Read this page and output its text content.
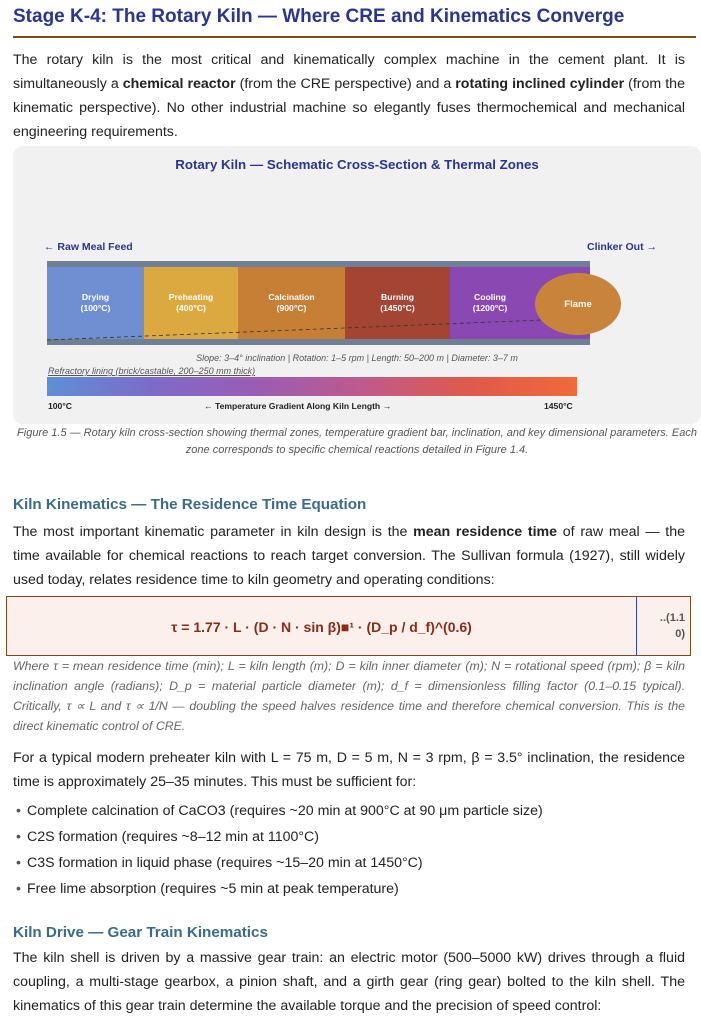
Stage K-4: The Rotary Kiln — Where CRE and Kinematics Converge

The rotary kiln is the most critical and kinematically complex machine in the cement plant. It is simultaneously a chemical reactor (from the CRE perspective) and a rotating inclined cylinder (from the kinematic perspective). No other industrial machine so elegantly fuses thermochemical and mechanical engineering requirements.

Rotary Kiln — Schematic Cross-Section & Thermal Zones
← Raw Meal Feed	Clinker Out →
Drying
(100°C)
Preheating
(400°C)
Calcination
(900°C)
Burning
(1450°C)
Cooling
(1200°C)	Flame
Slope: 3–4° inclination | Rotation: 1–5 rpm | Length: 50–200 m | Diameter: 3–7 m
Refractory lining (brick/castable, 200–250 mm thick)
100°C	← Temperature Gradient Along Kiln Length →	1450°C
Figure 1.5 — Rotary kiln cross-section showing thermal zones, temperature gradient bar, inclination, and key dimensional parameters. Each zone corresponds to specific chemical reactions detailed in Figure 1.4.
Kiln Kinematics — The Residence Time Equation

The most important kinematic parameter in kiln design is the mean residence time of raw meal — the time available for chemical reactions to reach target conversion. The Sullivan formula (1927), still widely used today, relates residence time to kiln geometry and operating conditions:

τ = 1.77 · L · (D · N · sin β)■¹ · (D_p / d_f)^(0.6)
..(1.1
0)
Where τ = mean residence time (min); L = kiln length (m); D = kiln inner diameter (m); N = rotational speed (rpm); β = kiln inclination angle (radians); D_p = material particle diameter (m); d_f = dimensionless filling factor (0.1–0.15 typical). Critically, τ ∝ L and τ ∝ 1/N — doubling the speed halves residence time and therefore chemical conversion. This is the direct kinematic control of CRE.

For a typical modern preheater kiln with L = 75 m, D = 5 m, N = 3 rpm, β = 3.5° inclination, the residence time is approximately 25–35 minutes. This must be sufficient for:

• Complete calcination of CaCO3 (requires ~20 min at 900°C at 90 μm particle size)
• C2S formation (requires ~8–12 min at 1100°C)
• C3S formation in liquid phase (requires ~15–20 min at 1450°C)
• Free lime absorption (requires ~5 min at peak temperature)
Kiln Drive — Gear Train Kinematics

The kiln shell is driven by a massive gear train: an electric motor (500–5000 kW) drives through a fluid coupling, a multi-stage gearbox, a pinion shaft, and a girth gear (ring gear) bolted to the kiln shell. The kinematics of this gear train determine the available torque and the precision of speed control:
